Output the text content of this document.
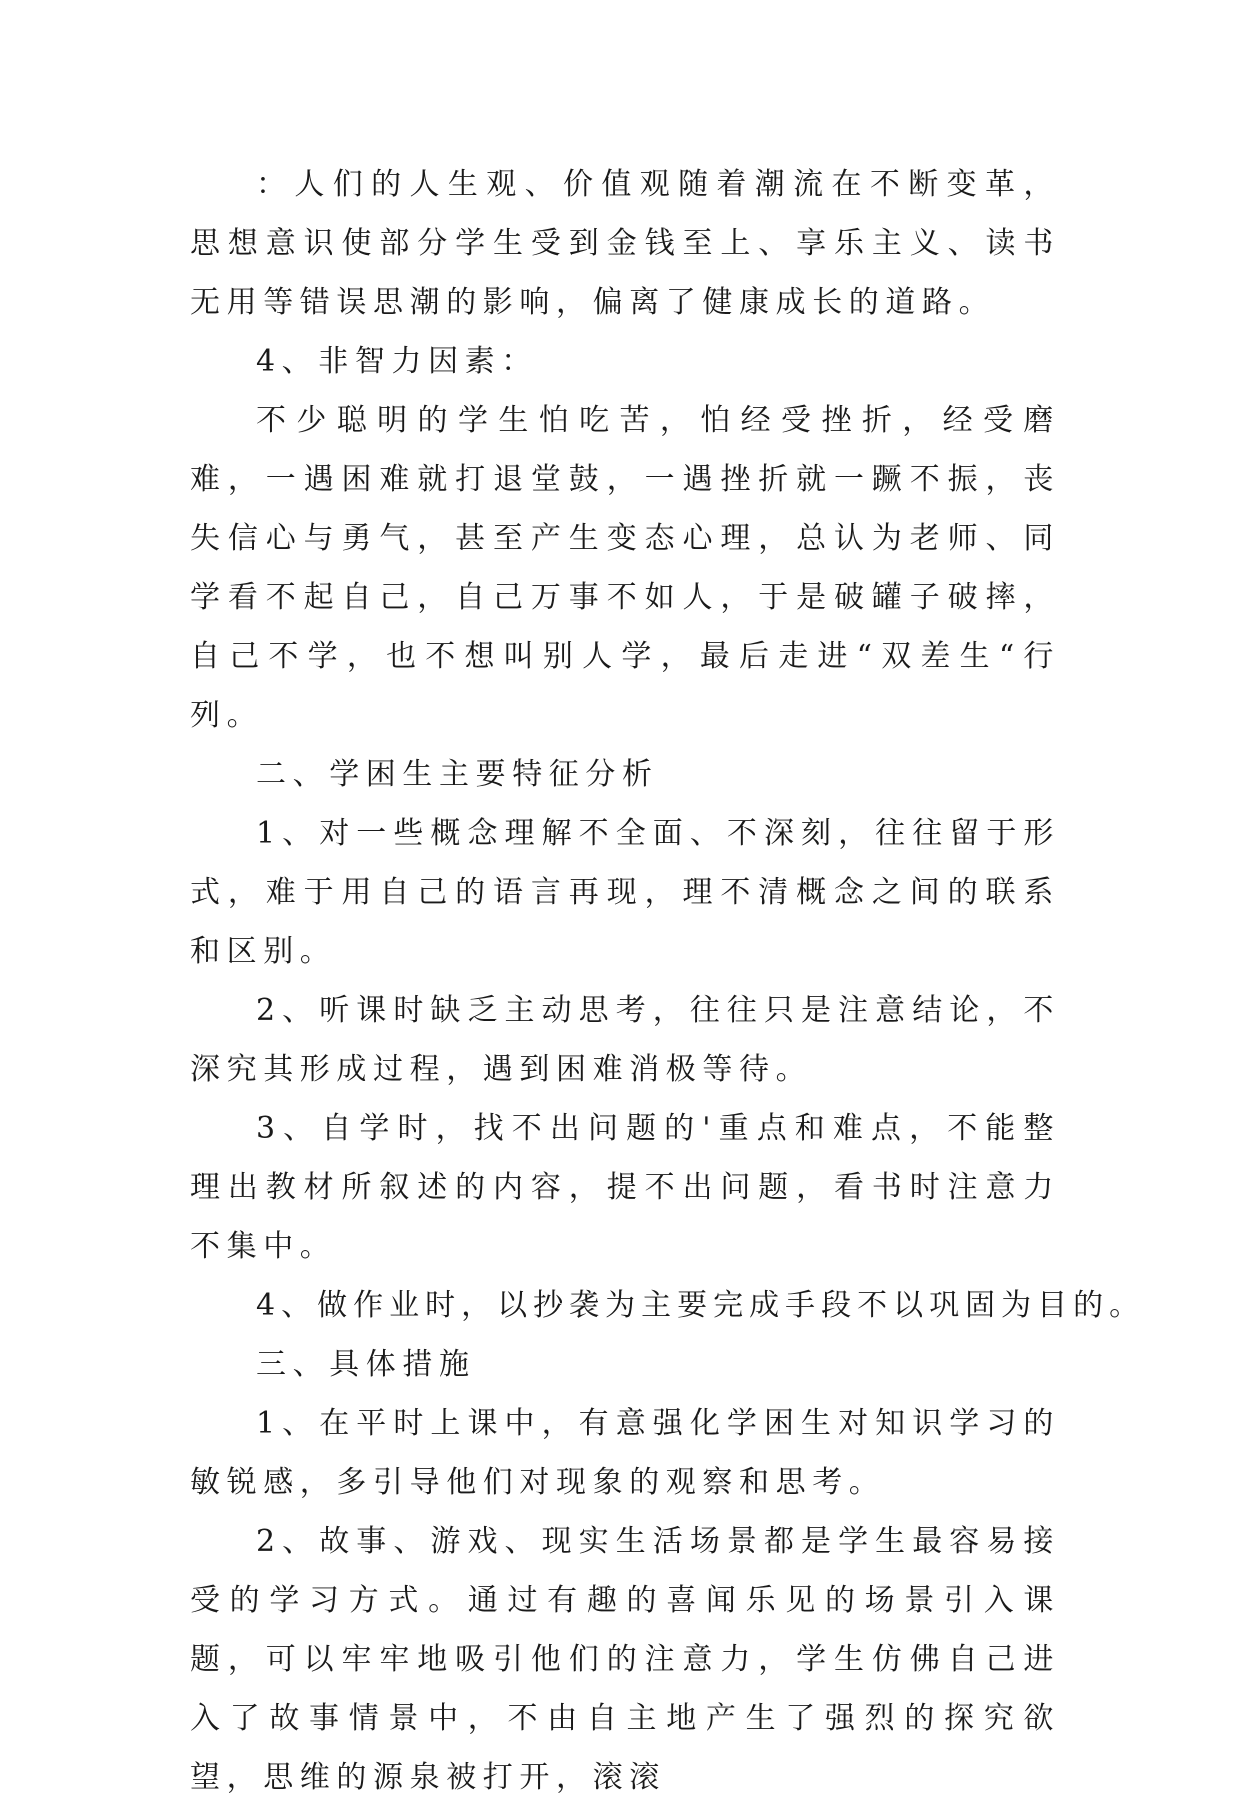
：人们的人生观、价值观随着潮流在不断变革，思想意识使部分学生受到金钱至上、享乐主义、读书无用等错误思潮的影响，偏离了健康成长的道路。

4、非智力因素：

不少聪明的学生怕吃苦，怕经受挫折，经受磨难，一遇困难就打退堂鼓，一遇挫折就一蹶不振，丧失信心与勇气，甚至产生变态心理，总认为老师、同学看不起自己，自己万事不如人，于是破罐子破摔，自己不学，也不想叫别人学，最后走进“双差生“行列。

二、学困生主要特征分析

1、对一些概念理解不全面、不深刻，往往留于形式，难于用自己的语言再现，理不清概念之间的联系和区别。

2、听课时缺乏主动思考，往往只是注意结论，不深究其形成过程，遇到困难消极等待。

3、自学时，找不出问题的'重点和难点，不能整理出教材所叙述的内容，提不出问题，看书时注意力不集中。

4、做作业时，以抄袭为主要完成手段不以巩固为目的。

三、具体措施

1、在平时上课中，有意强化学困生对知识学习的敏锐感，多引导他们对现象的观察和思考。

2、故事、游戏、现实生活场景都是学生最容易接受的学习方式。通过有趣的喜闻乐见的场景引入课题，可以牢牢地吸引他们的注意力，学生仿佛自己进入了故事情景中，不由自主地产生了强烈的探究欲望，思维的源泉被打开，滚滚
